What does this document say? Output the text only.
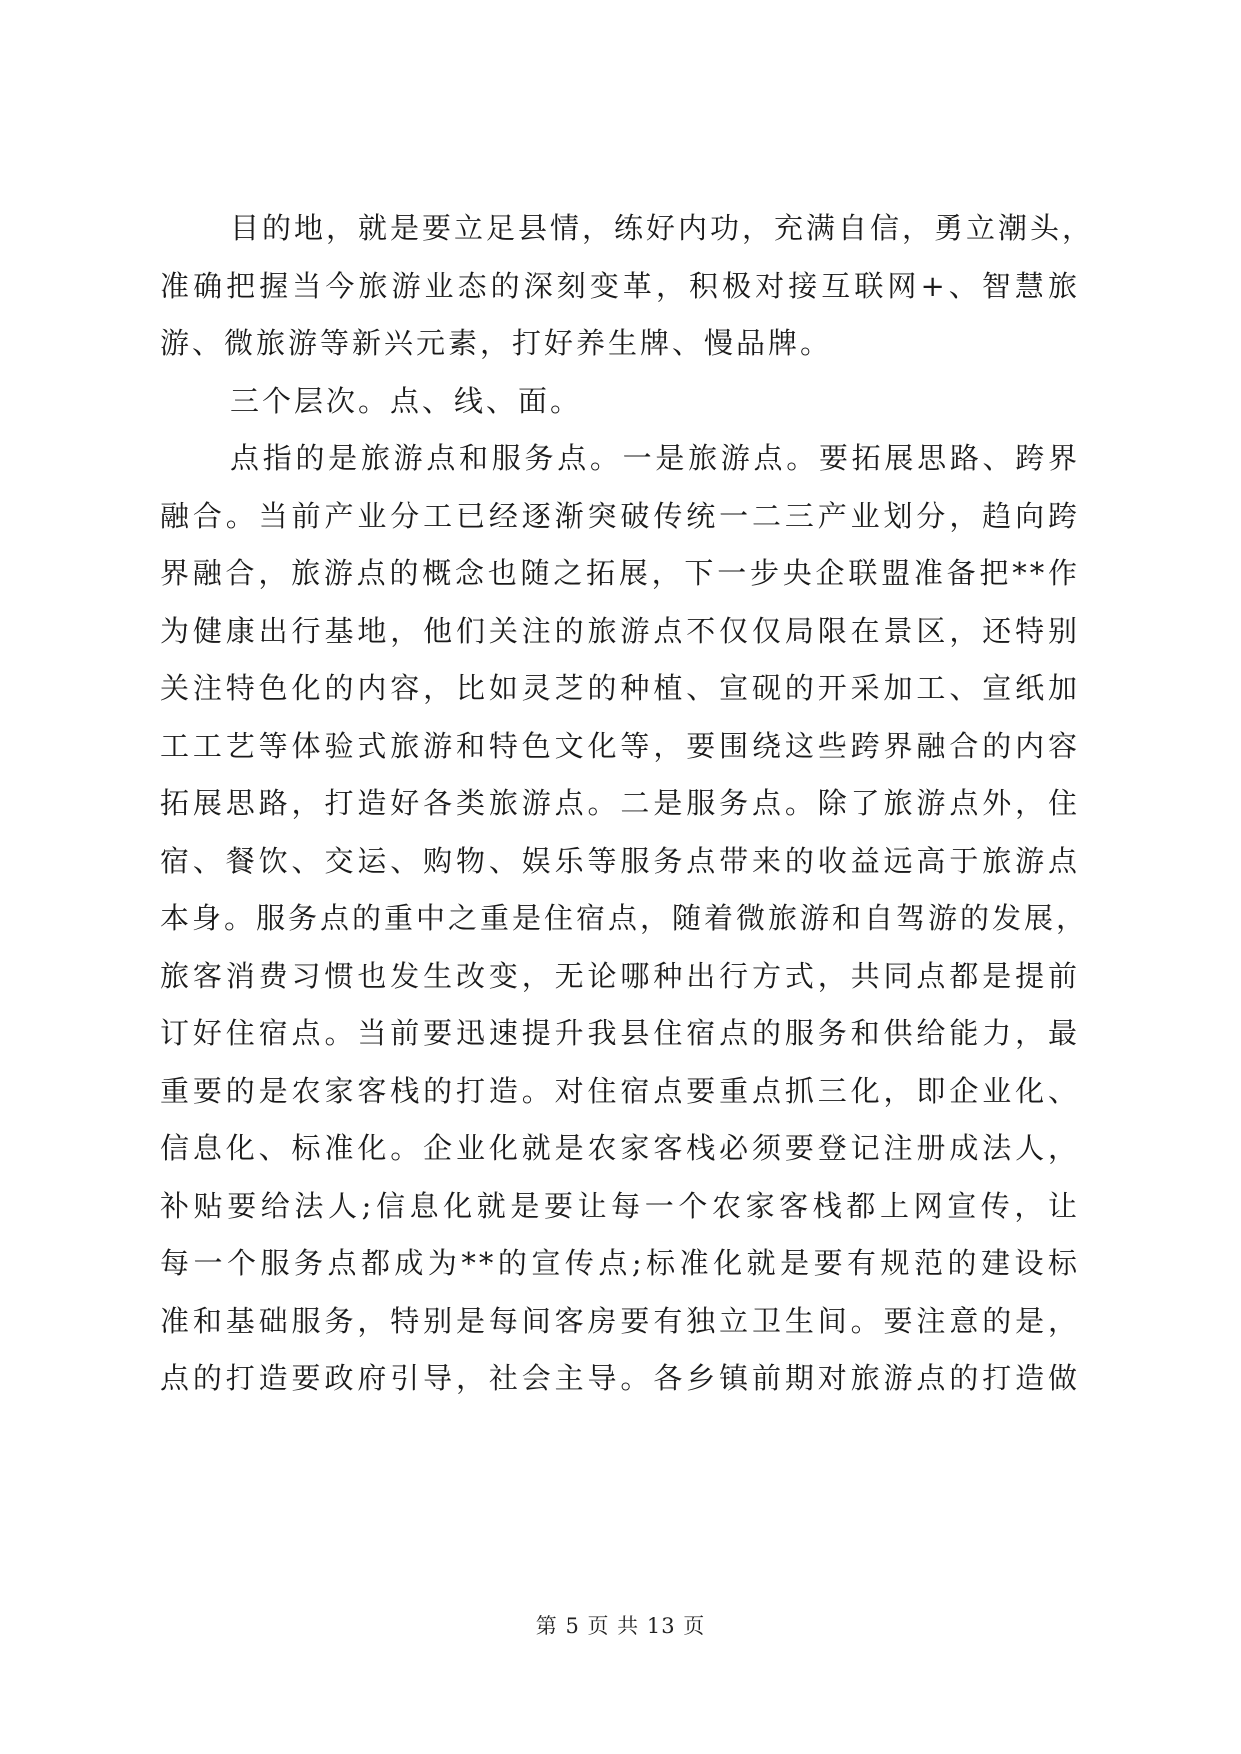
目的地，就是要立足县情，练好内功，充满自信，勇立潮头，
准确把握当今旅游业态的深刻变革，积极对接互联网+、智慧旅
游、微旅游等新兴元素，打好养生牌、慢品牌。
三个层次。点、线、面。
点指的是旅游点和服务点。一是旅游点。要拓展思路、跨界
融合。当前产业分工已经逐渐突破传统一二三产业划分，趋向跨
界融合，旅游点的概念也随之拓展，下一步央企联盟准备把**作
为健康出行基地，他们关注的旅游点不仅仅局限在景区，还特别
关注特色化的内容，比如灵芝的种植、宣砚的开采加工、宣纸加
工工艺等体验式旅游和特色文化等，要围绕这些跨界融合的内容
拓展思路，打造好各类旅游点。二是服务点。除了旅游点外，住
宿、餐饮、交运、购物、娱乐等服务点带来的收益远高于旅游点
本身。服务点的重中之重是住宿点，随着微旅游和自驾游的发展，
旅客消费习惯也发生改变，无论哪种出行方式，共同点都是提前
订好住宿点。当前要迅速提升我县住宿点的服务和供给能力，最
重要的是农家客栈的打造。对住宿点要重点抓三化，即企业化、
信息化、标准化。企业化就是农家客栈必须要登记注册成法人，
补贴要给法人;信息化就是要让每一个农家客栈都上网宣传，让
每一个服务点都成为**的宣传点;标准化就是要有规范的建设标
准和基础服务，特别是每间客房要有独立卫生间。要注意的是，
点的打造要政府引导，社会主导。各乡镇前期对旅游点的打造做
第 5 页 共 13 页
